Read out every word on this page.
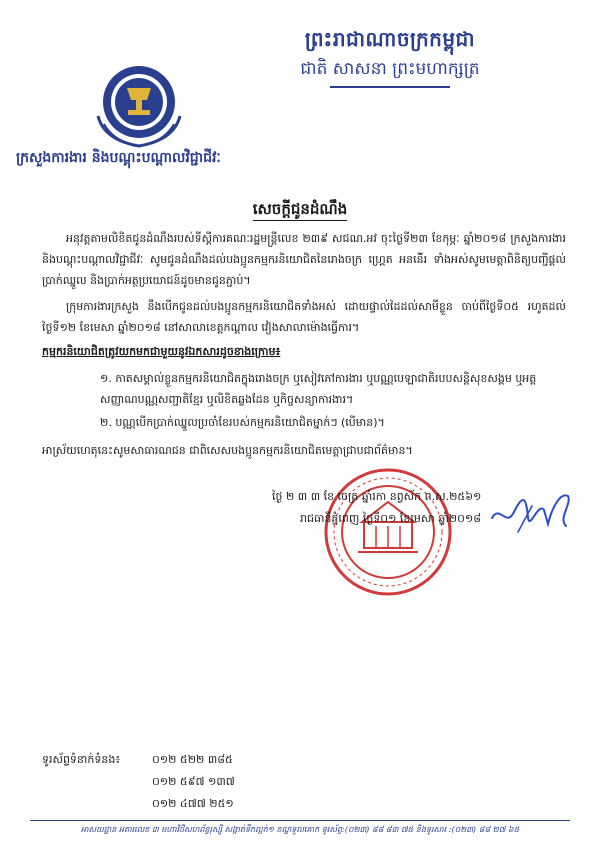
ព្រះរាជាណាចក្រកម្ពុជា
ជាតិ សាសនា ព្រះមហាក្សត្រ
ក្រសួងការងារ និងបណ្តុះបណ្តាលវិជ្ជាជីវៈ
សេចក្តីជូនដំណឹង
អនុវត្តតាមលិខិតជូនដំណឹងរបស់ទីស្តីការគណៈរដ្ឋមន្ត្រីលេខ ២៣៩ សជណ.អវ ចុះថ្ងៃទី២៣ ខែកុម្ភៈ ឆ្នាំ២០១៨ ក្រសួងការងារ និងបណ្តុះបណ្តាលវិជ្ជាជីវៈ សូមជូនដំណឹងដល់បងប្អូនកម្មករនិយោជិតនៃរោងចក្រ ហ្គ្រេត អនន់ើរ ទាំងអស់សូមមេត្តាពិនិត្យបញ្ជីផ្តល់ប្រាក់ឈ្នួល និងប្រាក់អត្ថប្រយោជន៍ដូចមានជូនភ្ជាប់។
ក្រុមការងារក្រសួង នឹងបើកជូនដល់បងប្អូនកម្មករនិយោជិតទាំងអស់ ដោយផ្ទាល់ដៃដល់សាមីខ្លួន ចាប់ពីថ្ងៃទី០៥ រហូតដល់ ថ្ងៃទី១២ ខែមេសា ឆ្នាំ២០១៨ នៅសាលាខេត្តកណ្តាល វៀងសាលាម៉ោងធ្វើការ។
កម្មករនិយោជិតត្រូវយកមកជាមួយនូវឯកសារដូចខាងក្រោម៖
១. កាតសម្គាល់ខ្លួនកម្មករនិយោជិតក្នុងរោងចក្រ ឬសៀវភៅការងារ ឬបណ្ណបេឡាជាតិរបបសន្តិសុខសង្គម ឬអត្តសញ្ញាណបណ្ណសញ្ជាតិខ្មែរ ឬលិខិតឆ្លងដែន ឬកិច្ចសន្យាការងារ។
២. បណ្ណបើកប្រាក់ឈ្នួលប្រចាំខែរបស់កម្មករនិយោជិតម្នាក់ៗ (បើមាន)។
អាស្រ័យហេតុនេះសូមសាធារណជន ជាពិសេសបងប្អូនកម្មករនិយោជិតមេត្តាជ្រាបជាព័ត៌មាន។
ថ្ងៃ ២ ៣ ៣ ខែ ចេត្រ ឆ្នាំរកា នព្វស័ក ព.ស.២៥៦១
រាជធានីភ្នំពេញ ថ្ងៃទី០១ ខែមេសា ឆ្នាំ២០១៨
ទូរស័ព្ទទំនាក់ទំនង៖	០១២ ៥២២ ៣៨៥
០១២ ៥៩៧ ១៣៧
០១២ ៤៧៧ ២៥១
អាសយដ្ឋាន អគារលេខ ៣ មហាវិថីសហព័ន្ធរុស្ស៊ី សង្កាត់ទឹកល្អក់១ ខណ្ឌទួលគោក ទូរស័ព្ទ:(០២៣) ៨៨ ៨៣ ៧៥ និងទូរសារ :(០២៣) ៨៨ ២៧ ៦៥
